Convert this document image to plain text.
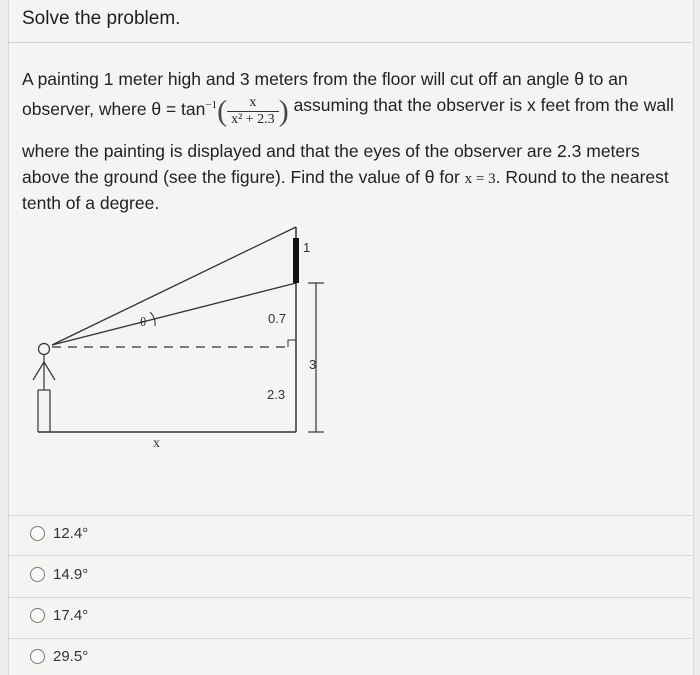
Solve the problem.
A painting 1 meter high and 3 meters from the floor will cut off an angle θ to an
observer, where $\theta = \tan^{-1}( \frac{x}{\text{x² + 2.3}}$ ) assuming that the observer is x feet from the wall
where the painting is displayed and that the eyes of the observer are 2.3 meters
above the ground (see the figure). Find the value of θ for x = 3. Round to the nearest
tenth of a degree.
1
0.7
3
2.3
x
θ
12.4°
14.9°
17.4°
29.5°
